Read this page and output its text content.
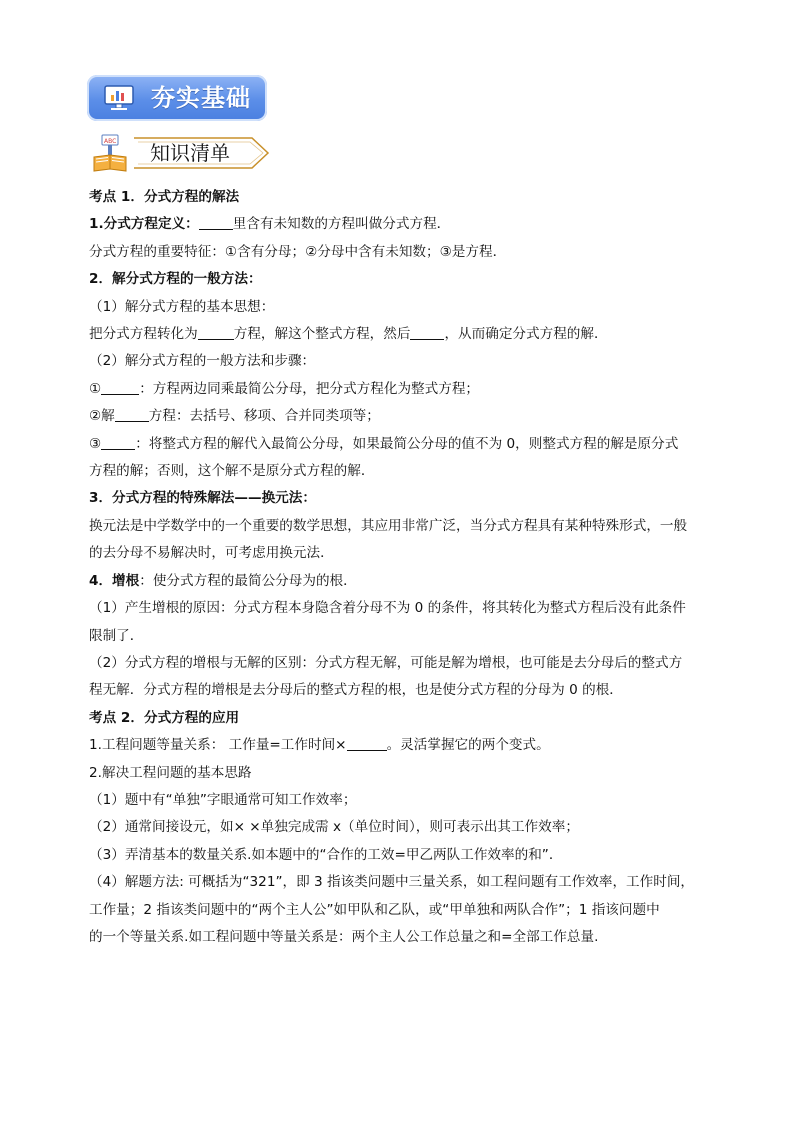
夯实基础
ABC 知识清单

考点 1．分式方程的解法

1.分式方程定义：	里含有未知数的方程叫做分式方程．

分式方程的重要特征：①含有分母；②分母中含有未知数；③是方程．

2．解分式方程的一般方法：

（1）解分式方程的基本思想：

把分式方程转化为	方程，解这个整式方程，然后	，从而确定分式方程的解．

（2）解分式方程的一般方法和步骤：

①	：方程两边同乘最简公分母，把分式方程化为整式方程；

②解	方程：去括号、移项、合并同类项等；

③	：将整式方程的解代入最简公分母，如果最简公分母的值不为 0，则整式方程的解是原分式

方程的解；否则，这个解不是原分式方程的解．

3．分式方程的特殊解法——换元法：

换元法是中学数学中的一个重要的数学思想，其应用非常广泛，当分式方程具有某种特殊形式，一般

的去分母不易解决时，可考虑用换元法．

4．增根：使分式方程的最简公分母为的根．

（1）产生增根的原因：分式方程本身隐含着分母不为 0 的条件，将其转化为整式方程后没有此条件

限制了．

（2）分式方程的增根与无解的区别：分式方程无解，可能是解为增根，也可能是去分母后的整式方

程无解．分式方程的增根是去分母后的整式方程的根，也是使分式方程的分母为 0 的根．

考点 2．分式方程的应用

1.工程问题等量关系： 工作量=工作时间×	。灵活掌握它的两个变式。

2.解决工程问题的基本思路

（1）题中有“单独”字眼通常可知工作效率；

（2）通常间接设元，如× ×单独完成需 x（单位时间），则可表示出其工作效率；

（3）弄清基本的数量关系.如本题中的“合作的工效=甲乙两队工作效率的和”．

（4）解题方法: 可概括为“321”，即 3 指该类问题中三量关系，如工程问题有工作效率，工作时间，

工作量；2 指该类问题中的“两个主人公”如甲队和乙队，或“甲单独和两队合作”；1 指该问题中

的一个等量关系.如工程问题中等量关系是：两个主人公工作总量之和=全部工作总量.
